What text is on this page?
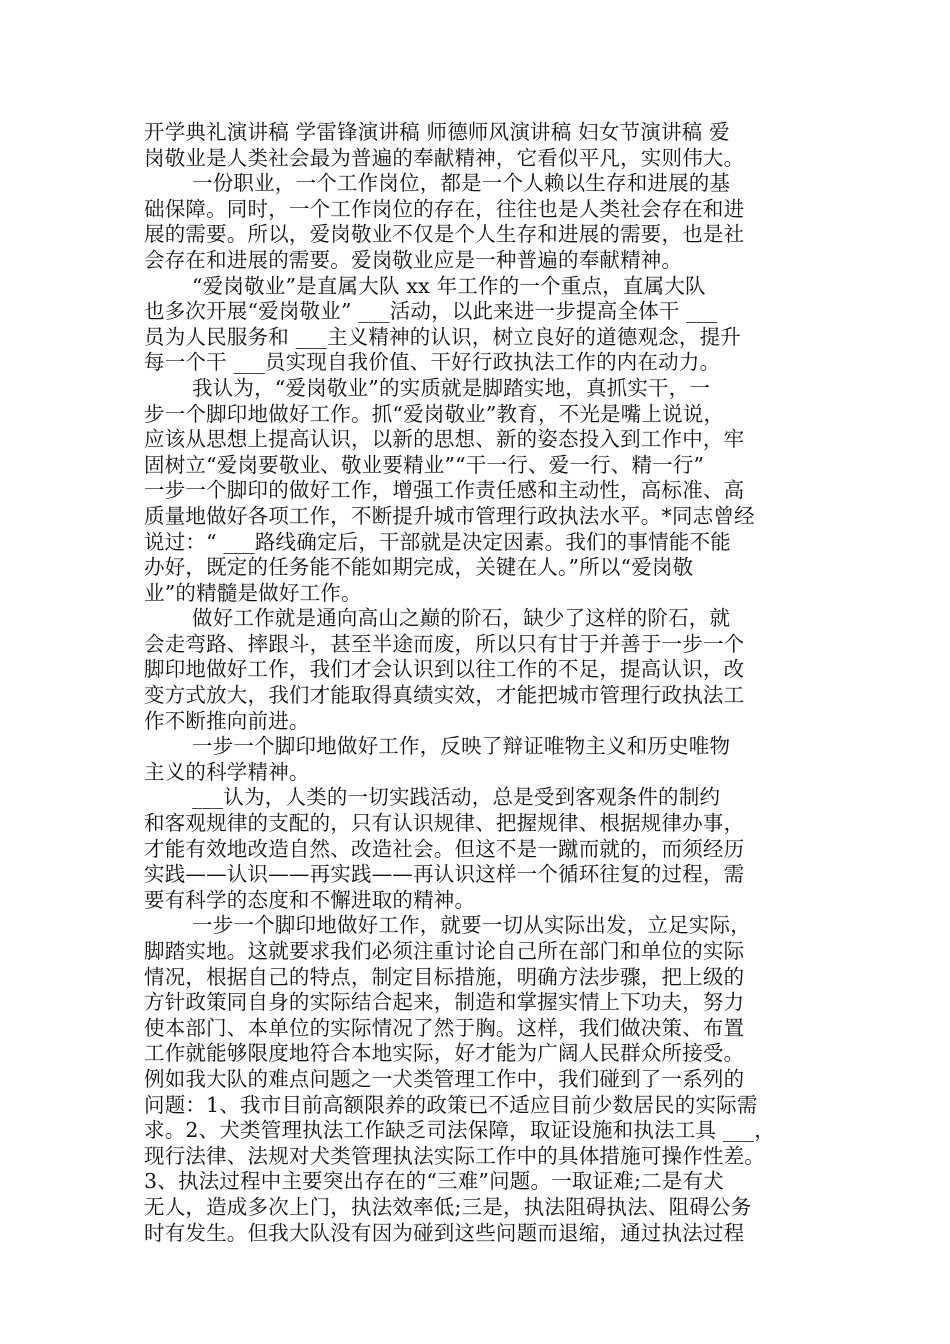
开学典礼演讲稿 学雷锋演讲稿 师德师风演讲稿 妇女节演讲稿 爱
岗敬业是人类社会最为普遍的奉献精神，它看似平凡，实则伟大。
一份职业，一个工作岗位，都是一个人赖以生存和进展的基
础保障。同时，一个工作岗位的存在，往往也是人类社会存在和进
展的需要。所以，爱岗敬业不仅是个人生存和进展的需要，也是社
会存在和进展的需要。爱岗敬业应是一种普遍的奉献精神。
“爱岗敬业”是直属大队 xx 年工作的一个重点，直属大队
也多次开展“爱岗敬业” ___活动，以此来进一步提高全体干 ___
员为人民服务和 ___主义精神的认识，树立良好的道德观念，提升
每一个干 ___员实现自我价值、干好行政执法工作的内在动力。
我认为，“爱岗敬业”的实质就是脚踏实地，真抓实干，一
步一个脚印地做好工作。抓“爱岗敬业”教育，不光是嘴上说说，
应该从思想上提高认识，以新的思想、新的姿态投入到工作中，牢
固树立“爱岗要敬业、敬业要精业”“干一行、爱一行、精一行”
一步一个脚印的做好工作，增强工作责任感和主动性，高标准、高
质量地做好各项工作，不断提升城市管理行政执法水平。*同志曾经
说过：“ ___路线确定后，干部就是决定因素。我们的事情能不能
办好，既定的任务能不能如期完成，关键在人。”所以“爱岗敬
业”的精髓是做好工作。
做好工作就是通向高山之巅的阶石，缺少了这样的阶石，就
会走弯路、摔跟斗，甚至半途而废，所以只有甘于并善于一步一个
脚印地做好工作，我们才会认识到以往工作的不足，提高认识，改
变方式放大，我们才能取得真绩实效，才能把城市管理行政执法工
作不断推向前进。
一步一个脚印地做好工作，反映了辩证唯物主义和历史唯物
主义的科学精神。
___认为，人类的一切实践活动，总是受到客观条件的制约
和客观规律的支配的，只有认识规律、把握规律、根据规律办事，
才能有效地改造自然、改造社会。但这不是一蹴而就的，而须经历
实践——认识——再实践——再认识这样一个循环往复的过程，需
要有科学的态度和不懈进取的精神。
一步一个脚印地做好工作，就要一切从实际出发，立足实际，
脚踏实地。这就要求我们必须注重讨论自己所在部门和单位的实际
情况，根据自己的特点，制定目标措施，明确方法步骤，把上级的
方针政策同自身的实际结合起来，制造和掌握实情上下功夫，努力
使本部门、本单位的实际情况了然于胸。这样，我们做决策、布置
工作就能够限度地符合本地实际，好才能为广阔人民群众所接受。
例如我大队的难点问题之一犬类管理工作中，我们碰到了一系列的
问题：1、我市目前高额限养的政策已不适应目前少数居民的实际需
求。2、犬类管理执法工作缺乏司法保障，取证设施和执法工具 ___，
现行法律、法规对犬类管理执法实际工作中的具体措施可操作性差。
3、执法过程中主要突出存在的“三难”问题。一取证难;二是有犬
无人，造成多次上门，执法效率低;三是，执法阻碍执法、阻碍公务
时有发生。但我大队没有因为碰到这些问题而退缩，通过执法过程
